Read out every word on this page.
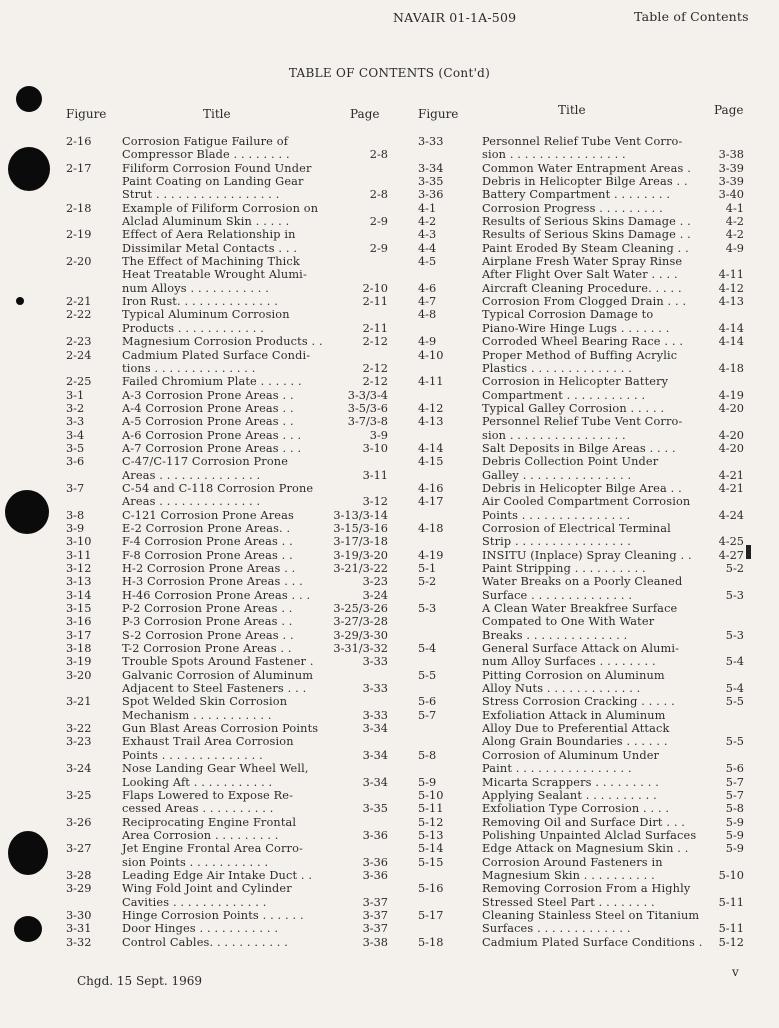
NAVAIR 01-1A-509	Table of Contents
TABLE OF CONTENTS (Cont'd)
Figure	Title	Page
2-16	Corrosion Fatigue Failure of
Compressor Blade . . . . . . . .	2-8
2-17	Filiform Corrosion Found Under
Paint Coating on Landing Gear
Strut . . . . . . . . . . . . . . . . .	2-8
2-18	Example of Filiform Corrosion on
Alclad Aluminum Skin . . . . .	2-9
2-19	Effect of Aera Relationship in
Dissimilar Metal Contacts . . .	2-9
2-20	The Effect of Machining Thick
Heat Treatable Wrought Alumi-
num Alloys . . . . . . . . . . .	2-10
2-21	Iron Rust. . . . . . . . . . . . . .	2-11
2-22	Typical Aluminum Corrosion
Products . . . . . . . . . . . .	2-11
2-23	Magnesium Corrosion Products . .	2-12
2-24	Cadmium Plated Surface Condi-
tions . . . . . . . . . . . . . .	2-12
2-25	Failed Chromium Plate . . . . . .	2-12
3-1	A-3 Corrosion Prone Areas . .	3-3/3-4
3-2	A-4 Corrosion Prone Areas . .	3-5/3-6
3-3	A-5 Corrosion Prone Areas . .	3-7/3-8
3-4	A-6 Corrosion Prone Areas . . .	3-9
3-5	A-7 Corrosion Prone Areas . . .	3-10
3-6	C-47/C-117 Corrosion Prone
Areas . . . . . . . . . . . . . .	3-11
3-7	C-54 and C-118 Corrosion Prone
Areas . . . . . . . . . . . . . .	3-12
3-8	C-121 Corrosion Prone Areas	3-13/3-14
3-9	E-2 Corrosion Prone Areas. .	3-15/3-16
3-10	F-4 Corrosion Prone Areas . .	3-17/3-18
3-11	F-8 Corrosion Prone Areas . .	3-19/3-20
3-12	H-2 Corrosion Prone Areas . .	3-21/3-22
3-13	H-3 Corrosion Prone Areas . . .	3-23
3-14	H-46 Corrosion Prone Areas . . .	3-24
3-15	P-2 Corrosion Prone Areas . .	3-25/3-26
3-16	P-3 Corrosion Prone Areas . .	3-27/3-28
3-17	S-2 Corrosion Prone Areas . .	3-29/3-30
3-18	T-2 Corrosion Prone Areas . .	3-31/3-32
3-19	Trouble Spots Around Fastener .	3-33
3-20	Galvanic Corrosion of Aluminum
Adjacent to Steel Fasteners . . .	3-33
3-21	Spot Welded Skin Corrosion
Mechanism . . . . . . . . . . .	3-33
3-22	Gun Blast Areas Corrosion Points	3-34
3-23	Exhaust Trail Area Corrosion
Points . . . . . . . . . . . . . .	3-34
3-24	Nose Landing Gear Wheel Well,
Looking Aft . . . . . . . . . . .	3-34
3-25	Flaps Lowered to Expose Re-
cessed Areas . . . . . . . . . .	3-35
3-26	Reciprocating Engine Frontal
Area Corrosion . . . . . . . . .	3-36
3-27	Jet Engine Frontal Area Corro-
sion Points . . . . . . . . . . .	3-36
3-28	Leading Edge Air Intake Duct . .	3-36
3-29	Wing Fold Joint and Cylinder
Cavities . . . . . . . . . . . . .	3-37
3-30	Hinge Corrosion Points . . . . . .	3-37
3-31	Door Hinges . . . . . . . . . . .	3-37
3-32	Control Cables. . . . . . . . . . .	3-38
Figure	Title	Page
3-33	Personnel Relief Tube Vent Corro-
sion . . . . . . . . . . . . . . . .	3-38
3-34	Common Water Entrapment Areas .	3-39
3-35	Debris in Helicopter Bilge Areas . .	3-39
3-36	Battery Compartment . . . . . . . .	3-40
4-1	Corrosion Progress . . . . . . . . .	4-1
4-2	Results of Serious Skins Damage . .	4-2
4-3	Results of Serious Skins Damage . .	4-2
4-4	Paint Eroded By Steam Cleaning . .	4-9
4-5	Airplane Fresh Water Spray Rinse
After Flight Over Salt Water . . . .	4-11
4-6	Aircraft Cleaning Procedure. . . . .	4-12
4-7	Corrosion From Clogged Drain . . .	4-13
4-8	Typical Corrosion Damage to
Piano-Wire Hinge Lugs . . . . . . .	4-14
4-9	Corroded Wheel Bearing Race . . .	4-14
4-10	Proper Method of Buffing Acrylic
Plastics . . . . . . . . . . . . . .	4-18
4-11	Corrosion in Helicopter Battery
Compartment . . . . . . . . . . .	4-19
4-12	Typical Galley Corrosion . . . . .	4-20
4-13	Personnel Relief Tube Vent Corro-
sion . . . . . . . . . . . . . . . .	4-20
4-14	Salt Deposits in Bilge Areas . . . .	4-20
4-15	Debris Collection Point Under
Galley . . . . . . . . . . . . . . .	4-21
4-16	Debris in Helicopter Bilge Area . .	4-21
4-17	Air Cooled Compartment Corrosion
Points . . . . . . . . . . . . . . .	4-24
4-18	Corrosion of Electrical Terminal
Strip . . . . . . . . . . . . . . . .	4-25
4-19	INSITU (Inplace) Spray Cleaning . .	4-27
5-1	Paint Stripping . . . . . . . . . .	5-2
5-2	Water Breaks on a Poorly Cleaned
Surface . . . . . . . . . . . . . .	5-3
5-3	A Clean Water Breakfree Surface
Compated to One With Water
Breaks . . . . . . . . . . . . . .	5-3
5-4	General Surface Attack on Alumi-
num Alloy Surfaces . . . . . . . .	5-4
5-5	Pitting Corrosion on Aluminum
Alloy Nuts . . . . . . . . . . . . .	5-4
5-6	Stress Corrosion Cracking . . . . .	5-5
5-7	Exfoliation Attack in Aluminum
Alloy Due to Preferential Attack
Along Grain Boundaries . . . . . .	5-5
5-8	Corrosion of Aluminum Under
Paint . . . . . . . . . . . . . . . .	5-6
5-9	Micarta Scrappers . . . . . . . . .	5-7
5-10	Applying Sealant . . . . . . . . . .	5-7
5-11	Exfoliation Type Corrosion . . . .	5-8
5-12	Removing Oil and Surface Dirt . . .	5-9
5-13	Polishing Unpainted Alclad Surfaces	5-9
5-14	Edge Attack on Magnesium Skin . .	5-9
5-15	Corrosion Around Fasteners in
Magnesium Skin . . . . . . . . . .	5-10
5-16	Removing Corrosion From a Highly
Stressed Steel Part . . . . . . . .	5-11
5-17	Cleaning Stainless Steel on Titanium
Surfaces . . . . . . . . . . . . .	5-11
5-18	Cadmium Plated Surface Conditions .	5-12
Chgd. 15 Sept. 1969
v
